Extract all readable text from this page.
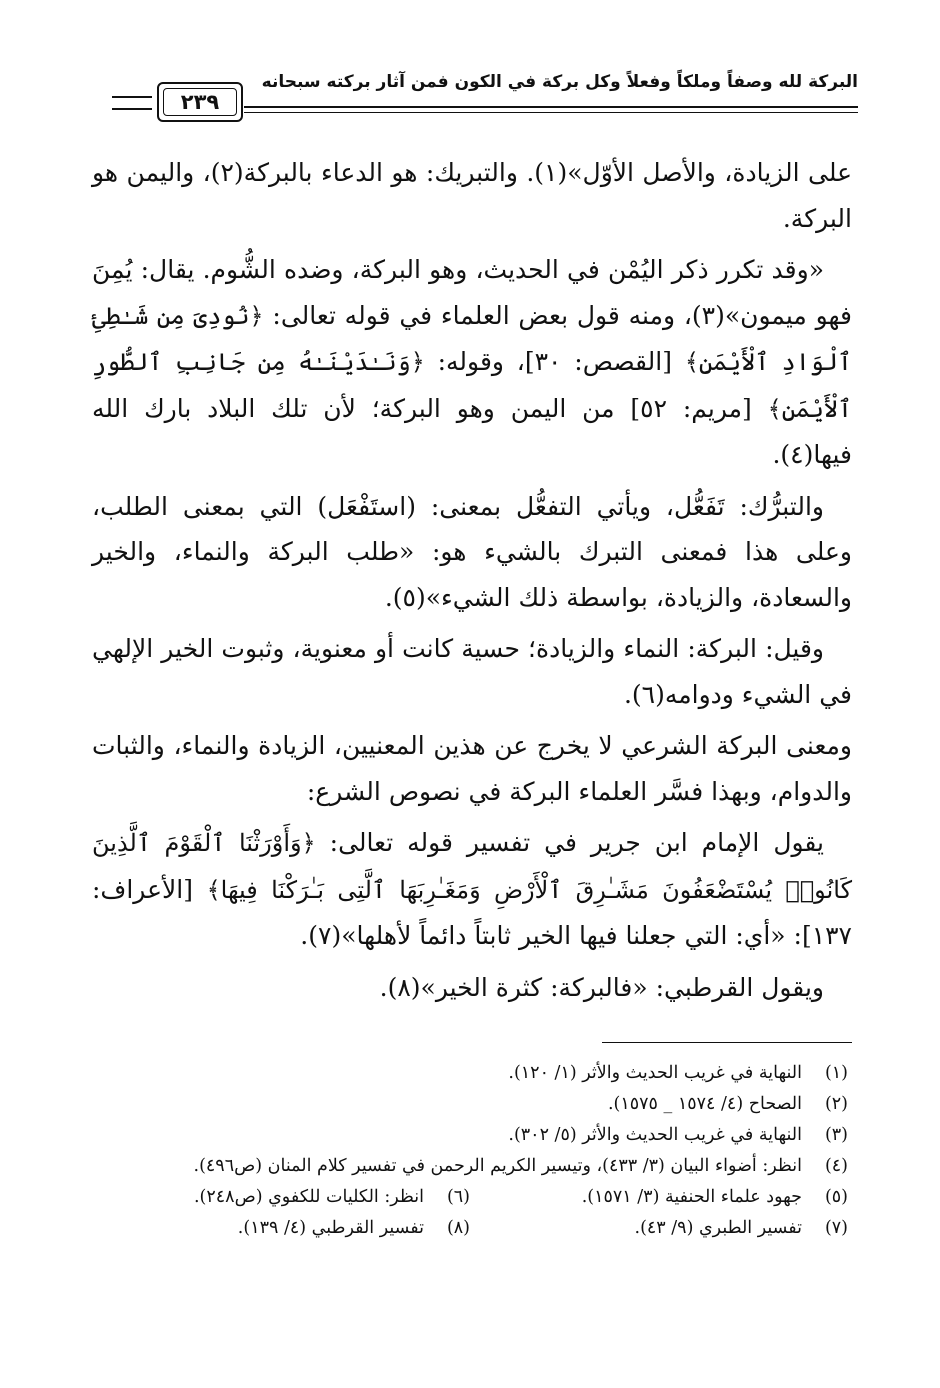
البركة لله وصفاً وملكاً وفعلاً وكل بركة في الكون فمن آثار بركته سبحانه
٢٣٩

على الزيادة، والأصل الأوّل»(١). والتبريك: هو الدعاء بالبركة(٢)، واليمن هو البركة.

«وقد تكرر ذكر اليُمْن في الحديث، وهو البركة، وضده الشُّوم. يقال: يُمِنَ فهو ميمون»(٣)، ومنه قول بعض العلماء في قوله تعالى: ﴿نُودِىَ مِن شَـٰطِئِ ٱلْوَادِ ٱلْأَيْمَنِ﴾ [القصص: ٣٠]، وقوله: ﴿وَنَـٰدَيْنَـٰهُ مِن جَانِبِ ٱلطُّورِ ٱلْأَيْمَنِ﴾ [مريم: ٥٢] من اليمن وهو البركة؛ لأن تلك البلاد بارك الله فيها(٤).

والتبرُّك: تَفَعُّل، ويأتي التفعُّل بمعنى: (استَفْعَل) التي بمعنى الطلب، وعلى هذا فمعنى التبرك بالشيء هو: «طلب البركة والنماء، والخير والسعادة، والزيادة، بواسطة ذلك الشيء»(٥).

وقيل: البركة: النماء والزيادة؛ حسية كانت أو معنوية، وثبوت الخير الإلهي في الشيء ودوامه(٦).

ومعنى البركة الشرعي لا يخرج عن هذين المعنيين، الزيادة والنماء، والثبات والدوام، وبهذا فسَّر العلماء البركة في نصوص الشرع:

يقول الإمام ابن جرير في تفسير قوله تعالى: ﴿وَأَوْرَثْنَا ٱلْقَوْمَ ٱلَّذِينَ كَانُوا۟ يُسْتَضْعَفُونَ مَشَـٰرِقَ ٱلْأَرْضِ وَمَغَـٰرِبَهَا ٱلَّتِى بَـٰرَكْنَا فِيهَا﴾ [الأعراف: ١٣٧]: «أي: التي جعلنا فيها الخير ثابتاً دائماً لأهلها»(٧).

ويقول القرطبي: «فالبركة: كثرة الخير»(٨).

(١)
النهاية في غريب الحديث والأثر (١/ ١٢٠).
(٢)
الصحاح (٤/ ١٥٧٤ _ ١٥٧٥).
(٣)
النهاية في غريب الحديث والأثر (٥/ ٣٠٢).
(٤)
انظر: أضواء البيان (٣/ ٤٣٣)، وتيسير الكريم الرحمن في تفسير كلام المنان (ص٤٩٦).
(٥)
جهود علماء الحنفية (٣/ ١٥٧١).
(٦)
انظر: الكليات للكفوي (ص٢٤٨).
(٧)
تفسير الطبري (٩/ ٤٣).
(٨)
تفسير القرطبي (٤/ ١٣٩).
